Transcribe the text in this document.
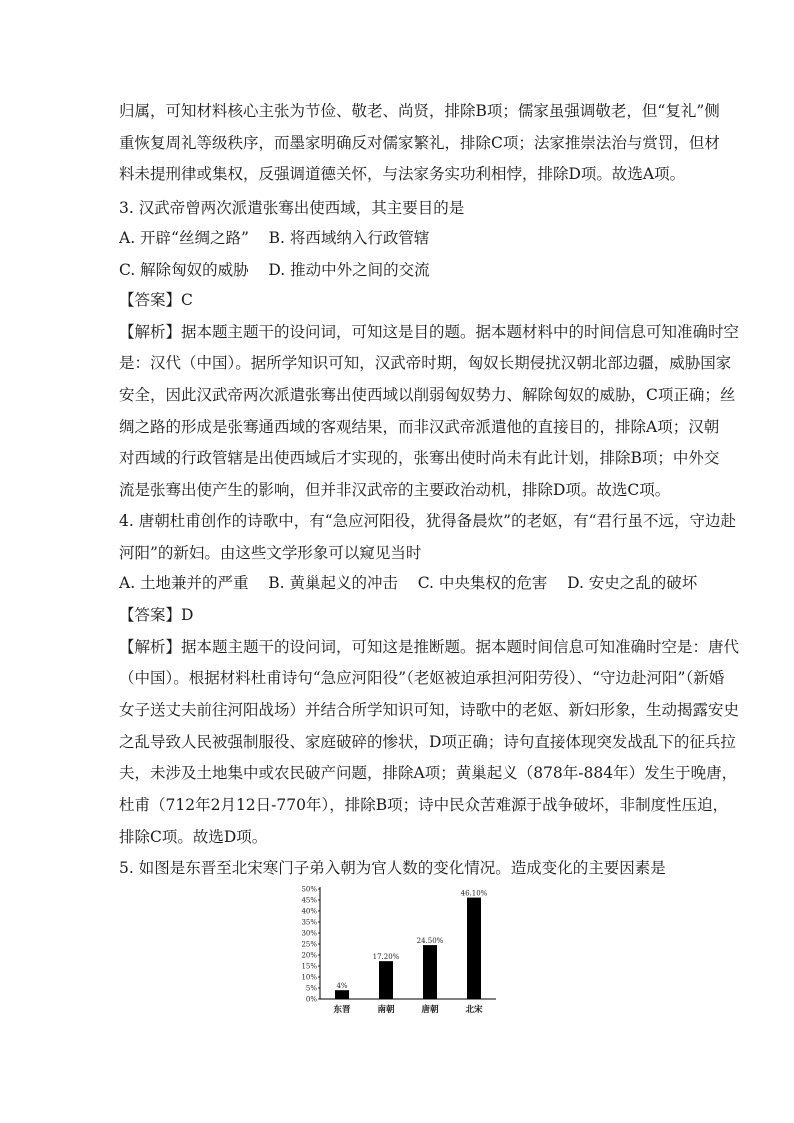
归属，可知材料核心主张为节俭、敬老、尚贤，排除B项；儒家虽强调敬老，但“复礼”侧
重恢复周礼等级秩序，而墨家明确反对儒家繁礼，排除C项；法家推崇法治与赏罚，但材
料未提刑律或集权，反强调道德关怀，与法家务实功利相悖，排除D项。故选A项。
3. 汉武帝曾两次派遣张骞出使西域，其主要目的是
A. 开辟“丝绸之路”    B. 将西域纳入行政管辖
C. 解除匈奴的威胁    D. 推动中外之间的交流
【答案】C
【解析】据本题主题干的设问词，可知这是目的题。据本题材料中的时间信息可知准确时空
是：汉代（中国）。据所学知识可知，汉武帝时期，匈奴长期侵扰汉朝北部边疆，威胁国家
安全，因此汉武帝两次派遣张骞出使西域以削弱匈奴势力、解除匈奴的威胁，C项正确；丝
绸之路的形成是张骞通西域的客观结果，而非汉武帝派遣他的直接目的，排除A项；汉朝
对西域的行政管辖是出使西域后才实现的，张骞出使时尚未有此计划，排除B项；中外交
流是张骞出使产生的影响，但并非汉武帝的主要政治动机，排除D项。故选C项。
4. 唐朝杜甫创作的诗歌中，有“急应河阳役，犹得备晨炊”的老妪，有“君行虽不远，守边赴
河阳”的新妇。由这些文学形象可以窥见当时
A. 土地兼并的严重    B. 黄巢起义的冲击    C. 中央集权的危害    D. 安史之乱的破坏
【答案】D
【解析】据本题主题干的设问词，可知这是推断题。据本题时间信息可知准确时空是：唐代
（中国）。根据材料杜甫诗句“急应河阳役”（老妪被迫承担河阳劳役）、“守边赴河阳”（新婚
女子送丈夫前往河阳战场）并结合所学知识可知，诗歌中的老妪、新妇形象，生动揭露安史
之乱导致人民被强制服役、家庭破碎的惨状，D项正确；诗句直接体现突发战乱下的征兵拉
夫，未涉及土地集中或农民破产问题，排除A项；黄巢起义（878年-884年）发生于晚唐，
杜甫（712年2月12日-770年），排除B项；诗中民众苦难源于战争破坏，非制度性压迫，
排除C项。故选D项。
5. 如图是东晋至北宋寒门子弟入朝为官人数的变化情况。造成变化的主要因素是
0%
5%
10%
15%
20%
25%
30%
35%
40%
45%
50%
4%
东晋
17.20%
南朝
24.50%
唐朝
46.10%
北宋
